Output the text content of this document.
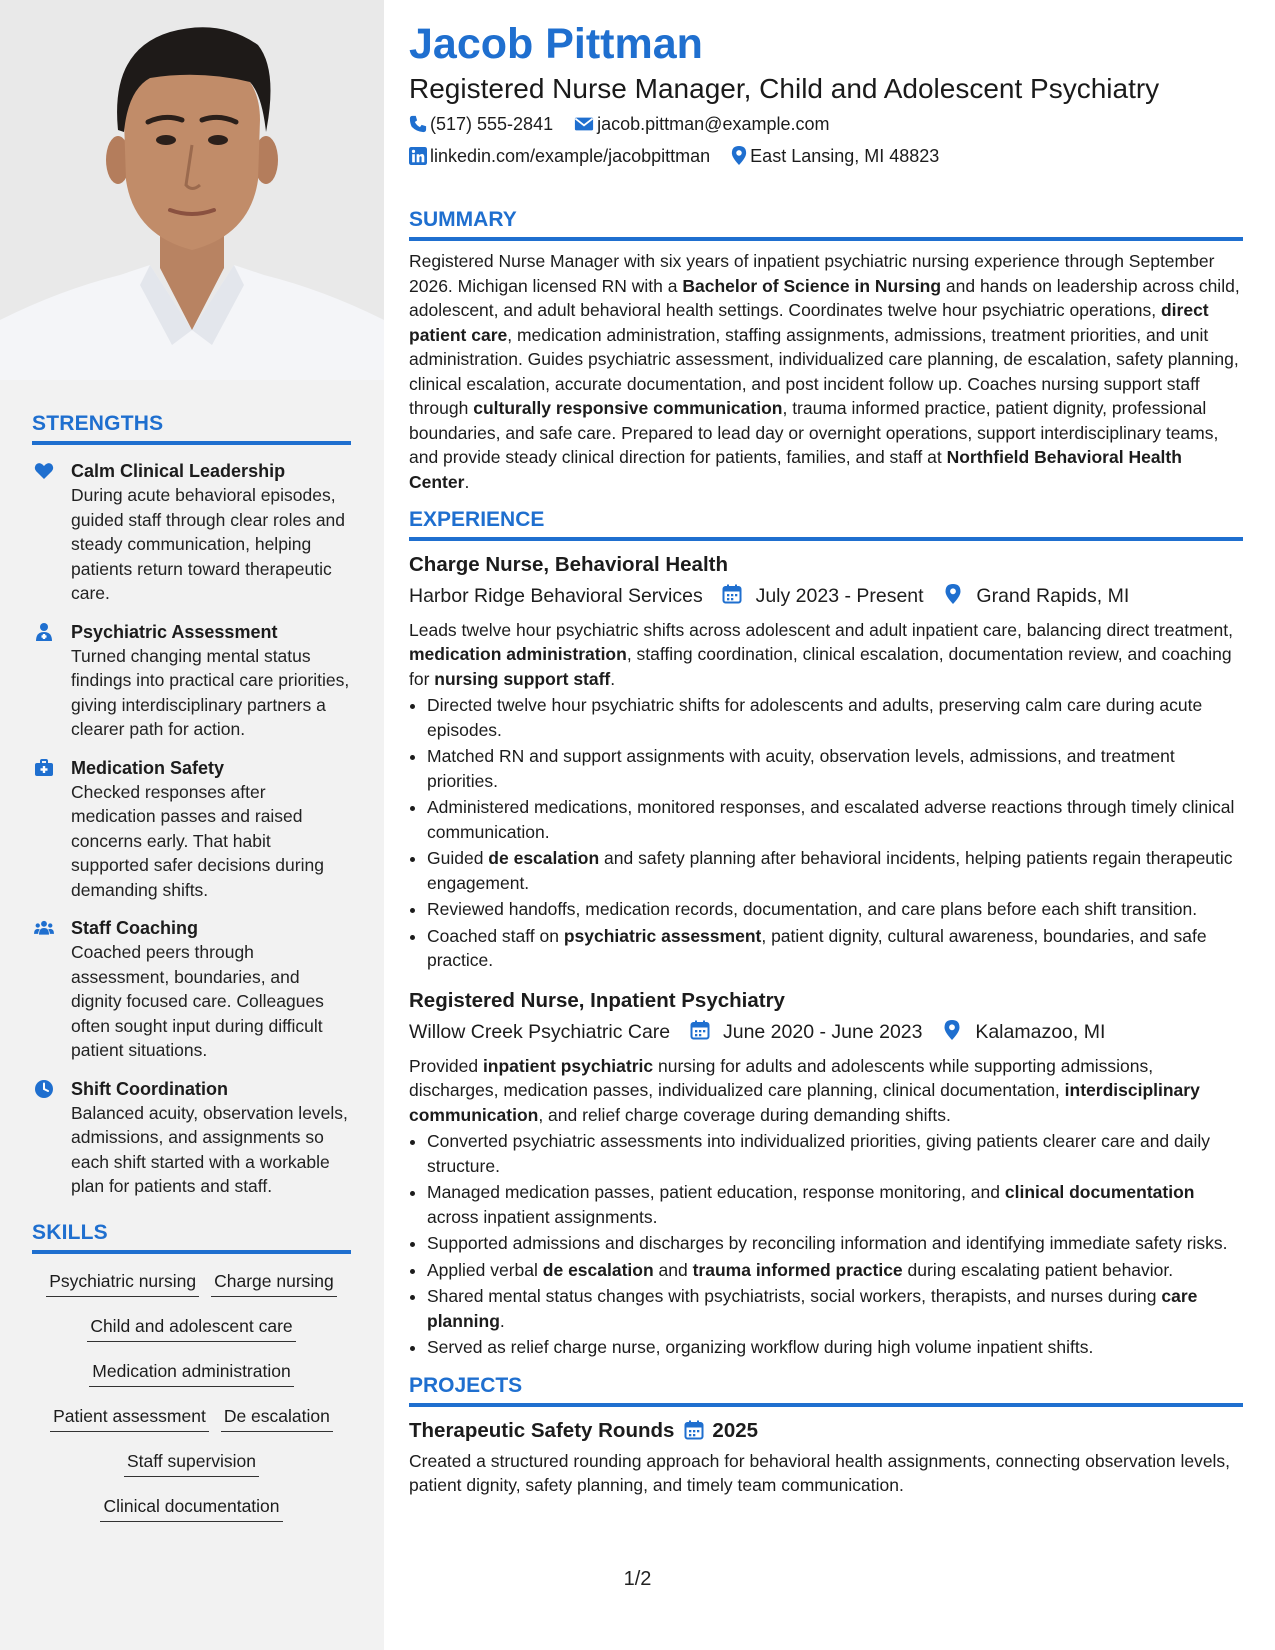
STRENGTHS
Calm Clinical Leadership
During acute behavioral episodes, guided staff through clear roles and steady communication, helping patients return toward therapeutic care.
Psychiatric Assessment
Turned changing mental status findings into practical care priorities, giving interdisciplinary partners a clearer path for action.
Medication Safety
Checked responses after medication passes and raised concerns early. That habit supported safer decisions during demanding shifts.
Staff Coaching
Coached peers through assessment, boundaries, and dignity focused care. Colleagues often sought input during difficult patient situations.
Shift Coordination
Balanced acuity, observation levels, admissions, and assignments so each shift started with a workable plan for patients and staff.
SKILLS
Psychiatric nursing Charge nursing
Child and adolescent care
Medication administration
Patient assessment De escalation
Staff supervision
Clinical documentation
Jacob Pittman
Registered Nurse Manager, Child and Adolescent Psychiatry
(517) 555-2841 jacob.pittman@example.com
linkedin.com/example/jacobpittman East Lansing, MI 48823
SUMMARY

Registered Nurse Manager with six years of inpatient psychiatric nursing experience through September 2026. Michigan licensed RN with a Bachelor of Science in Nursing and hands on leadership across child, adolescent, and adult behavioral health settings. Coordinates twelve hour psychiatric operations, direct patient care, medication administration, staffing assignments, admissions, treatment priorities, and unit administration. Guides psychiatric assessment, individualized care planning, de escalation, safety planning, clinical escalation, accurate documentation, and post incident follow up. Coaches nursing support staff through culturally responsive communication, trauma informed practice, patient dignity, professional boundaries, and safe care. Prepared to lead day or overnight operations, support interdisciplinary teams, and provide steady clinical direction for patients, families, and staff at Northfield Behavioral Health Center.

EXPERIENCE
Charge Nurse, Behavioral Health
Harbor Ridge Behavioral Services	July 2023 - Present	Grand Rapids, MI

Leads twelve hour psychiatric shifts across adolescent and adult inpatient care, balancing direct treatment, medication administration, staffing coordination, clinical escalation, documentation review, and coaching for nursing support staff.

• Directed twelve hour psychiatric shifts for adolescents and adults, preserving calm care during acute episodes.
• Matched RN and support assignments with acuity, observation levels, admissions, and treatment priorities.
• Administered medications, monitored responses, and escalated adverse reactions through timely clinical communication.
• Guided de escalation and safety planning after behavioral incidents, helping patients regain therapeutic engagement.
• Reviewed handoffs, medication records, documentation, and care plans before each shift transition.
• Coached staff on psychiatric assessment, patient dignity, cultural awareness, boundaries, and safe practice.
Registered Nurse, Inpatient Psychiatry
Willow Creek Psychiatric Care	June 2020 - June 2023	Kalamazoo, MI

Provided inpatient psychiatric nursing for adults and adolescents while supporting admissions, discharges, medication passes, individualized care planning, clinical documentation, interdisciplinary communication, and relief charge coverage during demanding shifts.

• Converted psychiatric assessments into individualized priorities, giving patients clearer care and daily structure.
• Managed medication passes, patient education, response monitoring, and clinical documentation across inpatient assignments.
• Supported admissions and discharges by reconciling information and identifying immediate safety risks.
• Applied verbal de escalation and trauma informed practice during escalating patient behavior.
• Shared mental status changes with psychiatrists, social workers, therapists, and nurses during care planning.
• Served as relief charge nurse, organizing workflow during high volume inpatient shifts.
PROJECTS
Therapeutic Safety Rounds 2025

Created a structured rounding approach for behavioral health assignments, connecting observation levels, patient dignity, safety planning, and timely team communication.

1/2
